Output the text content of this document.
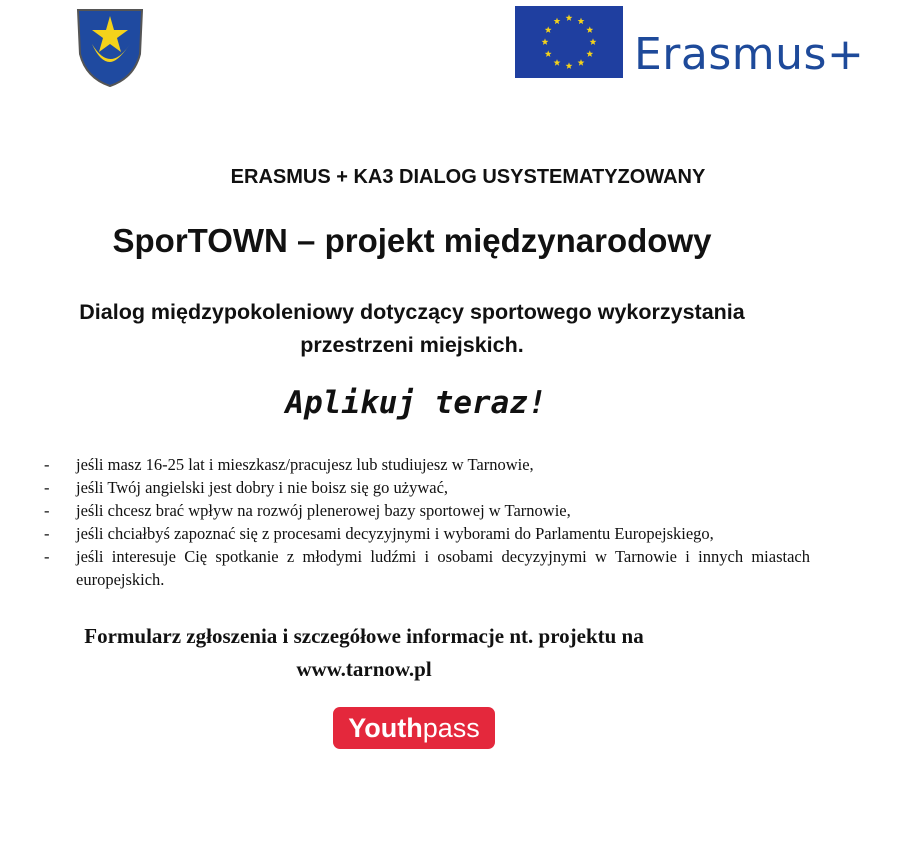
Erasmus+
ERASMUS + KA3 DIALOG USYSTEMATYZOWANY
SporTOWN – projekt międzynarodowy
Dialog międzypokoleniowy dotyczący sportowego wykorzystania
przestrzeni miejskich.
Aplikuj teraz!
- jeśli masz 16-25 lat i mieszkasz/pracujesz lub studiujesz w Tarnowie,
- jeśli Twój angielski jest dobry i nie boisz się go używać,
- jeśli chcesz brać wpływ na rozwój plenerowej bazy sportowej w Tarnowie,
- jeśli chciałbyś zapoznać się z procesami decyzyjnymi i wyborami do Parlamentu Europejskiego,
- jeśli interesuje Cię spotkanie z młodymi ludźmi i osobami decyzyjnymi w Tarnowie i innych miastach europejskich.
Formularz zgłoszenia i szczegółowe informacje nt. projektu na
www.tarnow.pl
Youthpass
